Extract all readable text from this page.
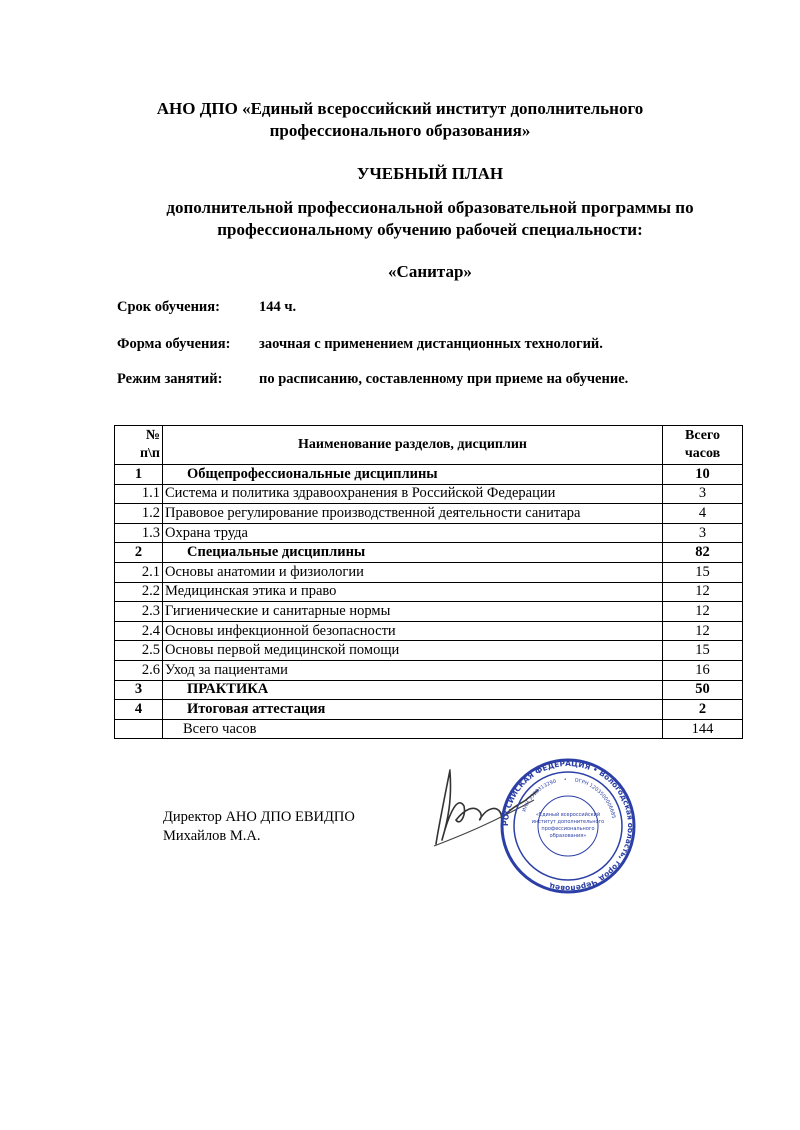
АНО ДПО «Единый всероссийский институт дополнительного
профессионального образования»
УЧЕБНЫЙ ПЛАН
дополнительной профессиональной образовательной программы по
профессиональному обучению рабочей специальности:
«Санитар»
Срок обучения:	144 ч.
Форма обучения: заочная с применением дистанционных технологий.
Режим занятий:	по расписанию, составленному при приеме на обучение.
№
п\п	Наименование разделов, дисциплин	Всего
часов
1	Общепрофессиональные дисциплины	10
1.1	Система и политика здравоохранения в Российской Федерации	3
1.2	Правовое регулирование производственной деятельности санитара	4
1.3	Охрана труда	3
2	Специальные дисциплины	82
2.1	Основы анатомии и физиологии	15
2.2	Медицинская этика и право	12
2.3	Гигиенические и санитарные нормы	12
2.4	Основы инфекционной безопасности	12
2.5	Основы первой медицинской помощи	15
2.6	Уход за пациентами	16
3	ПРАКТИКА	50
4	Итоговая аттестация	2
	Всего часов	144
Директор АНО ДПО ЕВИДПО
Михайлов М.А.
РОССИЙСКАЯ ФЕДЕРАЦИЯ • Вологодская область, город Череповец
ИНН 3528313290 • ОГРН 1203500006685
«Единый всероссийский
институт дополнительного
профессионального
образования»
